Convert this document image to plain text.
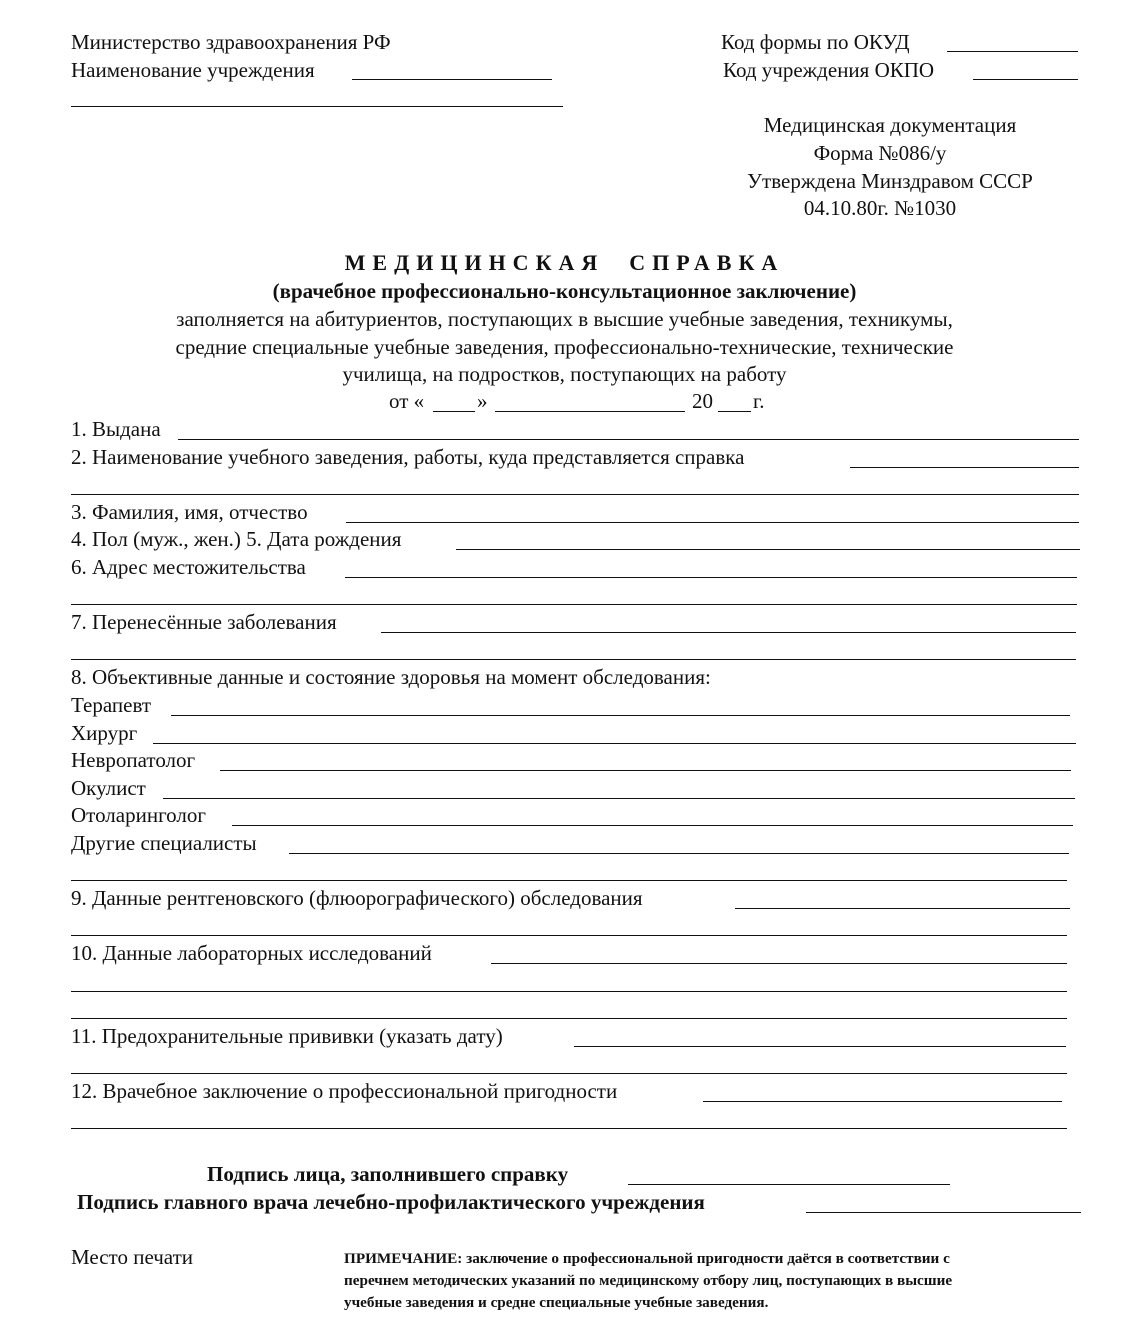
Министерство здравоохранения РФ
Наименование учреждения
Код формы по ОКУД
Код учреждения ОКПО
Медицинская документация
Форма №086/у
Утверждена Минздравом СССР
04.10.80г. №1030
МЕДИЦИНСКАЯ  СПРАВКА
(врачебное профессионально-консультационное заключение)
заполняется на абитуриентов, поступающих в высшие учебные заведения, техникумы,
средние специальные учебные заведения, профессионально-технические, технические
училища, на подростков, поступающих на работу
от «	»	20 г.
1. Выдана
2. Наименование учебного заведения, работы, куда представляется справка
3. Фамилия, имя, отчество
4. Пол (муж., жен.) 5. Дата рождения
6. Адрес местожительства
7. Перенесённые заболевания
8. Объективные данные и состояние здоровья на момент обследования:
Терапевт
Хирург
Невропатолог
Окулист
Отоларинголог
Другие специалисты
9. Данные рентгеновского (флюорографического) обследования
10. Данные лабораторных исследований
11. Предохранительные прививки (указать дату)
12. Врачебное заключение о профессиональной пригодности
Подпись лица, заполнившего справку
Подпись главного врача лечебно-профилактического учреждения
Место печати	ПРИМЕЧАНИЕ: заключение о профессиональной пригодности даётся в соответствии с
перечнем методических указаний по медицинскому отбору лиц, поступающих в высшие
учебные заведения и средне специальные учебные заведения.
